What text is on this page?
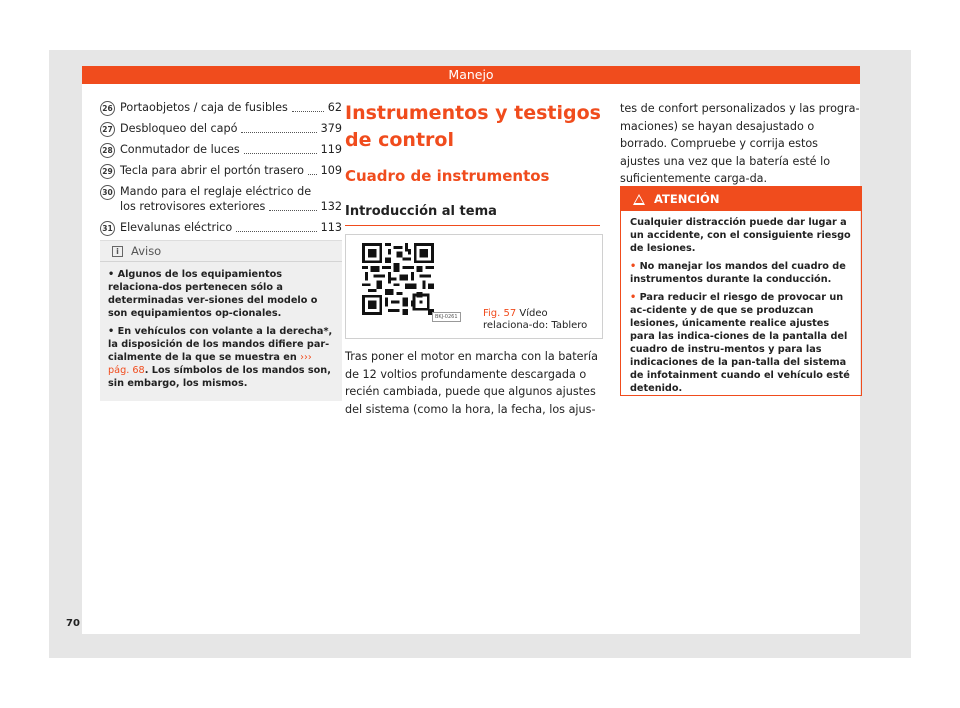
Manejo
26 Portaobjetos / caja de fusibles	62
27 Desbloqueo del capó	379
28 Conmutador de luces	119
29 Tecla para abrir el portón trasero 109
30 Mando para el reglaje eléctrico de
los retrovisores exteriores	132
31 Elevalunas eléctrico	113
i	Aviso

• Algunos de los equipamientos relaciona-dos pertenecen sólo a determinadas ver-siones del modelo o son equipamientos op-cionales.

• En vehículos con volante a la derecha*, la disposición de los mandos difiere par-cialmente de la que se muestra en ››› pág. 68. Los símbolos de los mandos son, sin embargo, los mismos.

Instrumentos y testigos de control
Cuadro de instrumentos
Introducción al tema
BKJ-0261	Fig. 57 Vídeo relaciona-do: Tablero

Tras poner el motor en marcha con la batería de 12 voltios profundamente descargada o recién cambiada, puede que algunos ajustes del sistema (como la hora, la fecha, los ajus-

tes de confort personalizados y las progra-maciones) se hayan desajustado o borrado. Compruebe y corrija estos ajustes una vez que la batería esté lo suficientemente carga-da.

ATENCIÓN

Cualquier distracción puede dar lugar a un accidente, con el consiguiente riesgo de lesiones.

• No manejar los mandos del cuadro de instrumentos durante la conducción.

• Para reducir el riesgo de provocar un ac-cidente y de que se produzcan lesiones, únicamente realice ajustes para las indica-ciones de la pantalla del cuadro de instru-mentos y para las indicaciones de la pan-talla del sistema de infotainment cuando el vehículo esté detenido.

70
